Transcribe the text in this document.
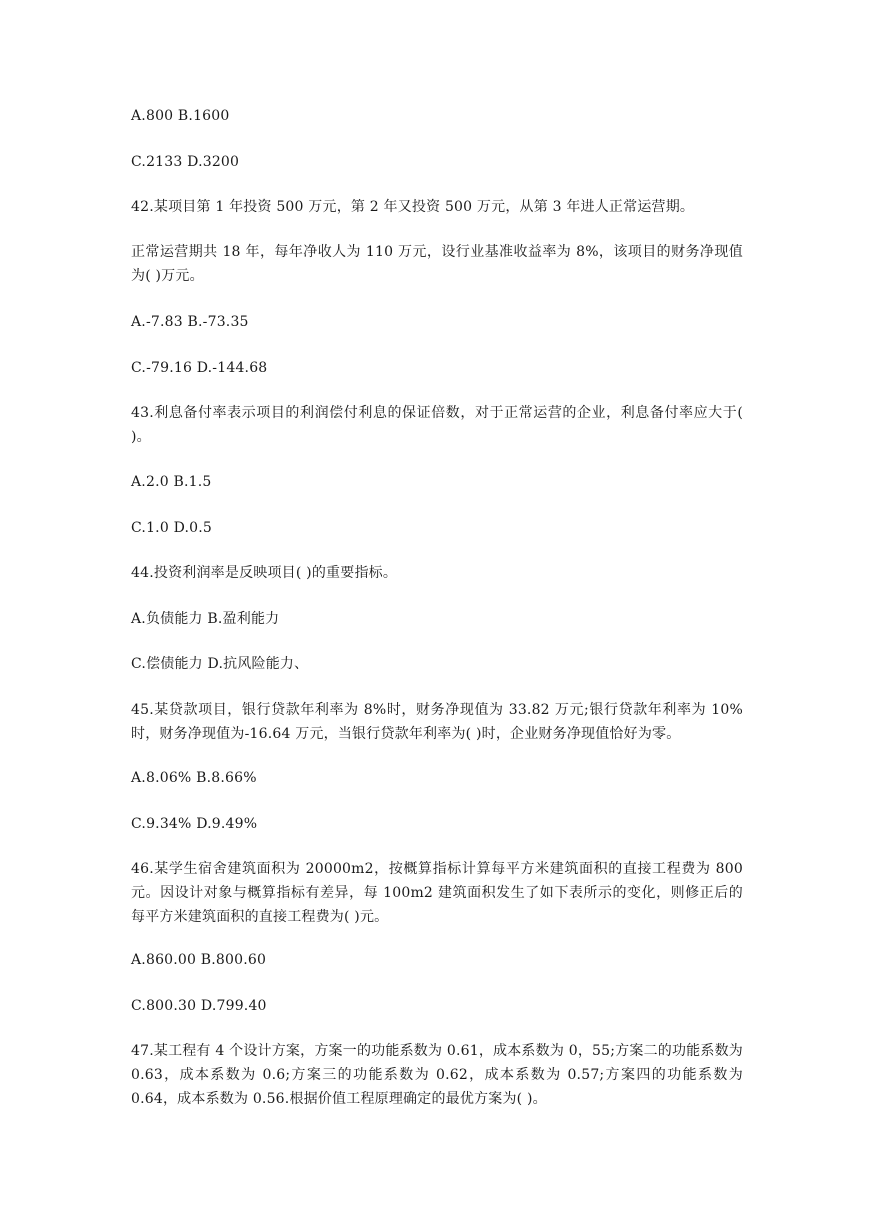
A.800 B.1600
C.2133 D.3200
42.某项目第 1 年投资 500 万元，第 2 年又投资 500 万元，从第 3 年进人正常运营期。
正常运营期共 18 年，每年净收人为 110 万元，设行业基准收益率为 8%，该项目的财务净现值为( )万元。
A.-7.83 B.-73.35
C.-79.16 D.-144.68
43.利息备付率表示项目的利润偿付利息的保证倍数，对于正常运营的企业，利息备付率应大于( )。
A.2.0 B.1.5
C.1.0 D.0.5
44.投资利润率是反映项目( )的重要指标。
A.负债能力 B.盈利能力
C.偿债能力 D.抗风险能力、
45.某贷款项目，银行贷款年利率为 8%时，财务净现值为 33.82 万元;银行贷款年利率为 10%时，财务净现值为-16.64 万元，当银行贷款年利率为( )时，企业财务净现值恰好为零。
A.8.06% B.8.66%
C.9.34% D.9.49%
46.某学生宿舍建筑面积为 20000m2，按概算指标计算每平方米建筑面积的直接工程费为 800 元。因设计对象与概算指标有差异，每 100m2 建筑面积发生了如下表所示的变化，则修正后的每平方米建筑面积的直接工程费为( )元。
A.860.00 B.800.60
C.800.30 D.799.40
47.某工程有 4 个设计方案，方案一的功能系数为 0.61，成本系数为 0，55;方案二的功能系数为 0.63，成本系数为 0.6;方案三的功能系数为 0.62，成本系数为 0.57;方案四的功能系数为 0.64，成本系数为 0.56.根据价值工程原理确定的最优方案为( )。
